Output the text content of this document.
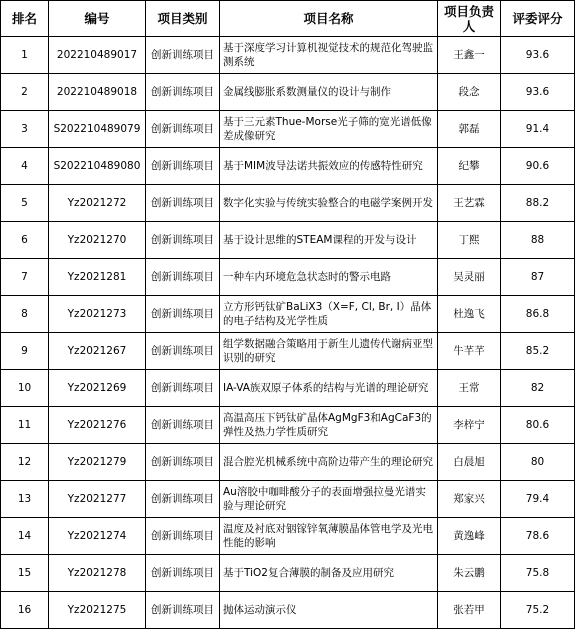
排名	编号	项目类别	项目名称	项目负责人	评委评分
1	202210489017	创新训练项目	基于深度学习计算机视觉技术的规范化驾驶监测系统	王鑫一	93.6
2	202210489018	创新训练项目	金属线膨胀系数测量仪的设计与制作	段念	93.6
3	S202210489079	创新训练项目	基于三元素Thue-Morse光子筛的宽光谱低像差成像研究	郭磊	91.4
4	S202210489080	创新训练项目	基于MIM波导法诺共振效应的传感特性研究	纪攀	90.6
5	Yz2021272	创新训练项目	数字化实验与传统实验整合的电磁学案例开发	王艺霖	88.2
6	Yz2021270	创新训练项目	基于设计思维的STEAM课程的开发与设计	丁熙	88
7	Yz2021281	创新训练项目	一种车内环境危急状态时的警示电路	吴灵丽	87
8	Yz2021273	创新训练项目	立方形钙钛矿BaLiX3（X=F, Cl, Br, I）晶体的电子结构及光学性质	杜逸飞	86.8
9	Yz2021267	创新训练项目	组学数据融合策略用于新生儿遗传代谢病亚型识别的研究	牛芊芊	85.2
10	Yz2021269	创新训练项目	IA-VA族双原子体系的结构与光谱的理论研究	王常	82
11	Yz2021276	创新训练项目	高温高压下钙钛矿晶体AgMgF3和AgCaF3的弹性及热力学性质研究	李梓宁	80.6
12	Yz2021279	创新训练项目	混合腔光机械系统中高阶边带产生的理论研究	白晨旭	80
13	Yz2021277	创新训练项目	Au溶胶中咖啡酸分子的表面增强拉曼光谱实　验与理论研究	郑家兴	79.4
14	Yz2021274	创新训练项目	温度及衬底对铟镓锌氧薄膜晶体管电学及光电性能的影响	黄逸峰	78.6
15	Yz2021278	创新训练项目	基于TiO2复合薄膜的制备及应用研究	朱云鹏	75.8
16	Yz2021275	创新训练项目	抛体运动演示仪	张若甲	75.2
